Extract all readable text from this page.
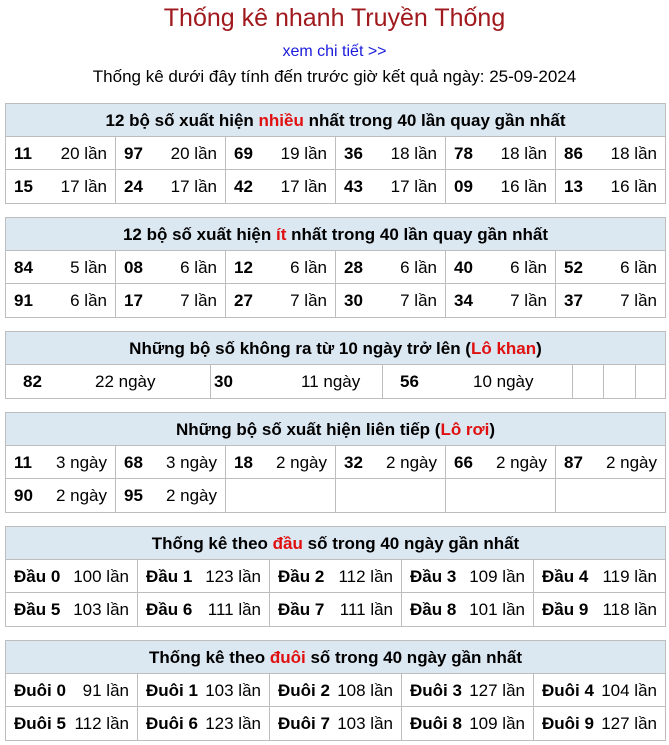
Thống kê nhanh Truyền Thống
xem chi tiết >>
Thống kê dưới đây tính đến trước giờ kết quả ngày: 25-09-2024
12 bộ số xuất hiện nhiều nhất trong 40 lần quay gần nhất
11 20 lần 97 20 lần 69 19 lần 36 18 lần 78 18 lần 86 18 lần
15 17 lần 24 17 lần 42 17 lần 43 17 lần 09 16 lần 13 16 lần
12 bộ số xuất hiện ít nhất trong 40 lần quay gần nhất
84 5 lần 08 6 lần 12 6 lần 28 6 lần 40 6 lần 52 6 lần
91 6 lần 17 7 lần 27 7 lần 30 7 lần 34 7 lần 37 7 lần
Những bộ số không ra từ 10 ngày trở lên (Lô khan)
82	22 ngày	30	11 ngày	56	10 ngày
Những bộ số xuất hiện liên tiếp (Lô rơi)
11 3 ngày 68 3 ngày 18 2 ngày 32 2 ngày 66 2 ngày 87 2 ngày
90 2 ngày 95 2 ngày
Thống kê theo đầu số trong 40 ngày gần nhất
Đầu 0 100 lần Đầu 1 123 lần Đầu 2 112 lần Đầu 3 109 lần Đầu 4 119 lần
Đầu 5 103 lần Đầu 6 111 lần Đầu 7 111 lần Đầu 8 101 lần Đầu 9 118 lần
Thống kê theo đuôi số trong 40 ngày gần nhất
Đuôi 0 91 lần Đuôi 1 103 lần Đuôi 2 108 lần Đuôi 3 127 lần Đuôi 4 104 lần
Đuôi 5 112 lần Đuôi 6 123 lần Đuôi 7 103 lần Đuôi 8 109 lần Đuôi 9 127 lần
